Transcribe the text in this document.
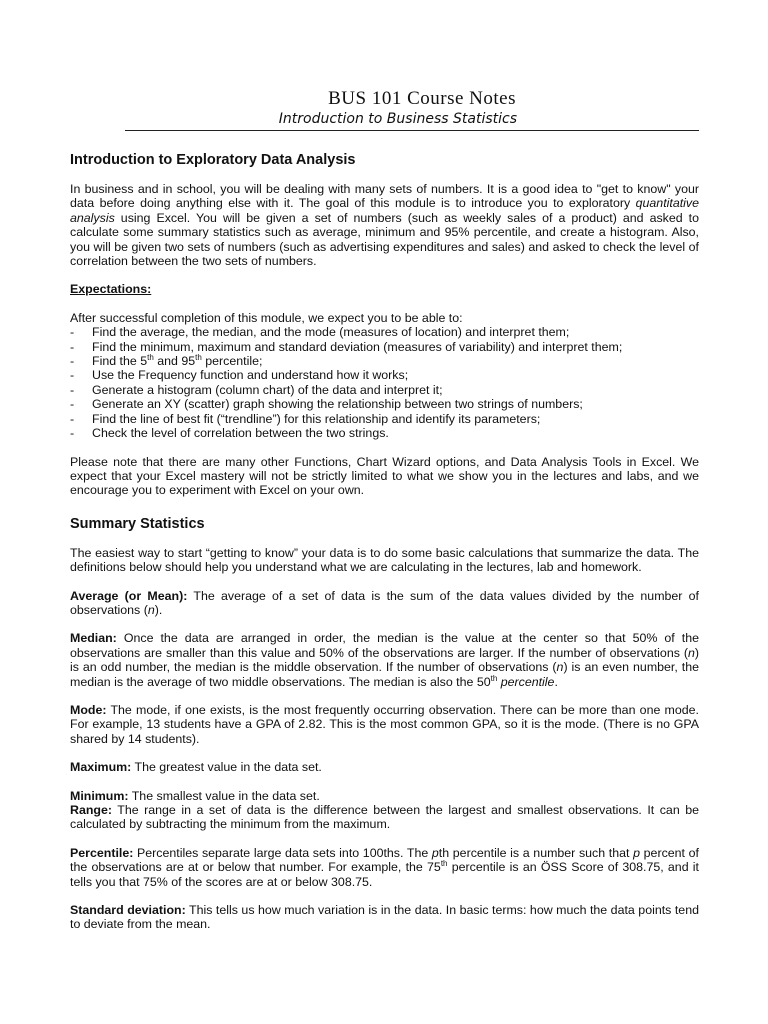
BUS 101 Course Notes
Introduction to Business Statistics
Introduction to Exploratory Data Analysis

In business and in school, you will be dealing with many sets of numbers. It is a good idea to "get to know" your data before doing anything else with it. The goal of this module is to introduce you to exploratory quantitative analysis using Excel. You will be given a set of numbers (such as weekly sales of a product) and asked to calculate some summary statistics such as average, minimum and 95% percentile, and create a histogram. Also, you will be given two sets of numbers (such as advertising expenditures and sales) and asked to check the level of correlation between the two sets of numbers.

Expectations:

After successful completion of this module, we expect you to be able to:
- Find the average, the median, and the mode (measures of location) and interpret them;
- Find the minimum, maximum and standard deviation (measures of variability) and interpret them;
- Find the 5th and 95th percentile;
- Use the Frequency function and understand how it works;
- Generate a histogram (column chart) of the data and interpret it;
- Generate an XY (scatter) graph showing the relationship between two strings of numbers;
- Find the line of best fit (“trendline”) for this relationship and identify its parameters;
- Check the level of correlation between the two strings.

Please note that there are many other Functions, Chart Wizard options, and Data Analysis Tools in Excel. We expect that your Excel mastery will not be strictly limited to what we show you in the lectures and labs, and we encourage you to experiment with Excel on your own.

Summary Statistics

The easiest way to start “getting to know” your data is to do some basic calculations that summarize the data. The definitions below should help you understand what we are calculating in the lectures, lab and homework.

Average (or Mean): The average of a set of data is the sum of the data values divided by the number of observations (n).

Median: Once the data are arranged in order, the median is the value at the center so that 50% of the observations are smaller than this value and 50% of the observations are larger. If the number of observations (n) is an odd number, the median is the middle observation. If the number of observations (n) is an even number, the median is the average of two middle observations. The median is also the 50th percentile.

Mode: The mode, if one exists, is the most frequently occurring observation. There can be more than one mode. For example, 13 students have a GPA of 2.82. This is the most common GPA, so it is the mode. (There is no GPA shared by 14 students).

Maximum: The greatest value in the data set.

Minimum: The smallest value in the data set.

Range: The range in a set of data is the difference between the largest and smallest observations. It can be calculated by subtracting the minimum from the maximum.

Percentile: Percentiles separate large data sets into 100ths. The pth percentile is a number such that p percent of the observations are at or below that number. For example, the 75th percentile is an ÖSS Score of 308.75, and it tells you that 75% of the scores are at or below 308.75.

Standard deviation: This tells us how much variation is in the data. In basic terms: how much the data points tend to deviate from the mean.
